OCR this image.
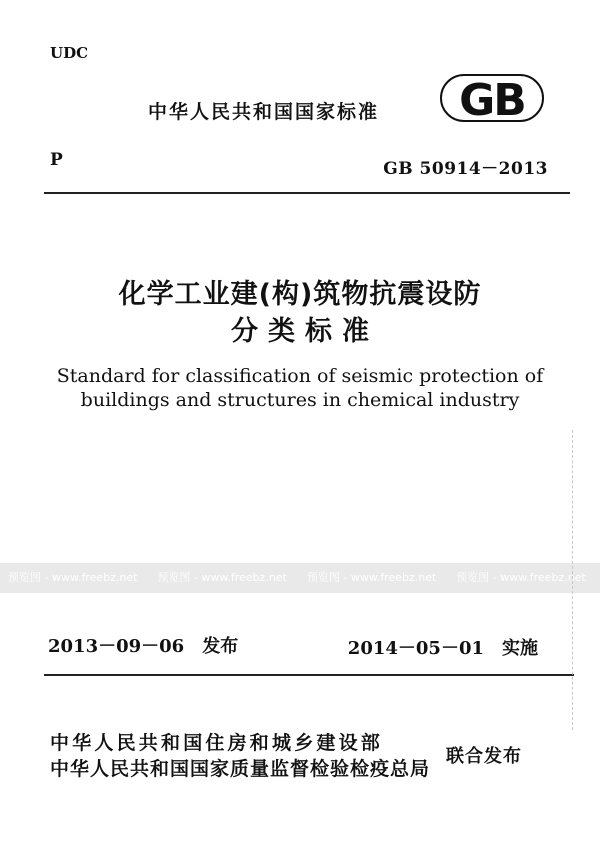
UDC
中华人民共和国国家标准 GB
P	GB 50914－2013
化学工业建(构)筑物抗震设防
分类标准
Standard for classification of seismic protection of
buildings and structures in chemical industry
预览图 - www.freebz.net 预览图 - www.freebz.net 预览图 - www.freebz.net 预览图 - www.freebz.net
2013－09－06　发布	2014－05－01　实施
中华人民共和国住房和城乡建设部
中华人民共和国国家质量监督检验检疫总局
联合发布
